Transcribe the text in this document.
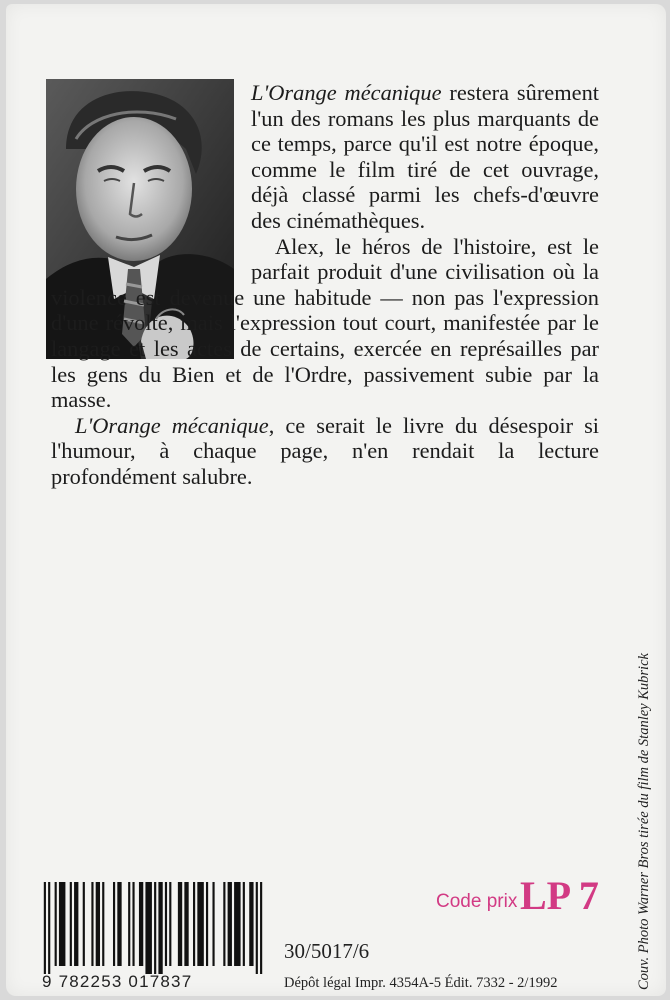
L'Orange mécanique restera sûrement l'un des romans les plus marquants de ce temps, parce qu'il est notre époque, comme le film tiré de cet ouvrage, déjà classé parmi les chefs-d'œuvre des cinémathèques.

Alex, le héros de l'histoire, est le parfait produit d'une civilisation où la violence est devenue une habitude — non pas l'expression d'une révolte, mais l'expression tout court, manifestée par le langage et les actes de certains, exercée en représailles par les gens du Bien et de l'Ordre, passivement subie par la masse.

L'Orange mécanique, ce serait le livre du désespoir si l'humour, à chaque page, n'en rendait la lecture profondément salubre.

9 782253 017837
30/5017/6
Dépôt légal Impr. 4354A-5 Édit. 7332 - 2/1992
Code prix LP 7	Couv. Photo Warner Bros tirée du film de Stanley Kubrick
